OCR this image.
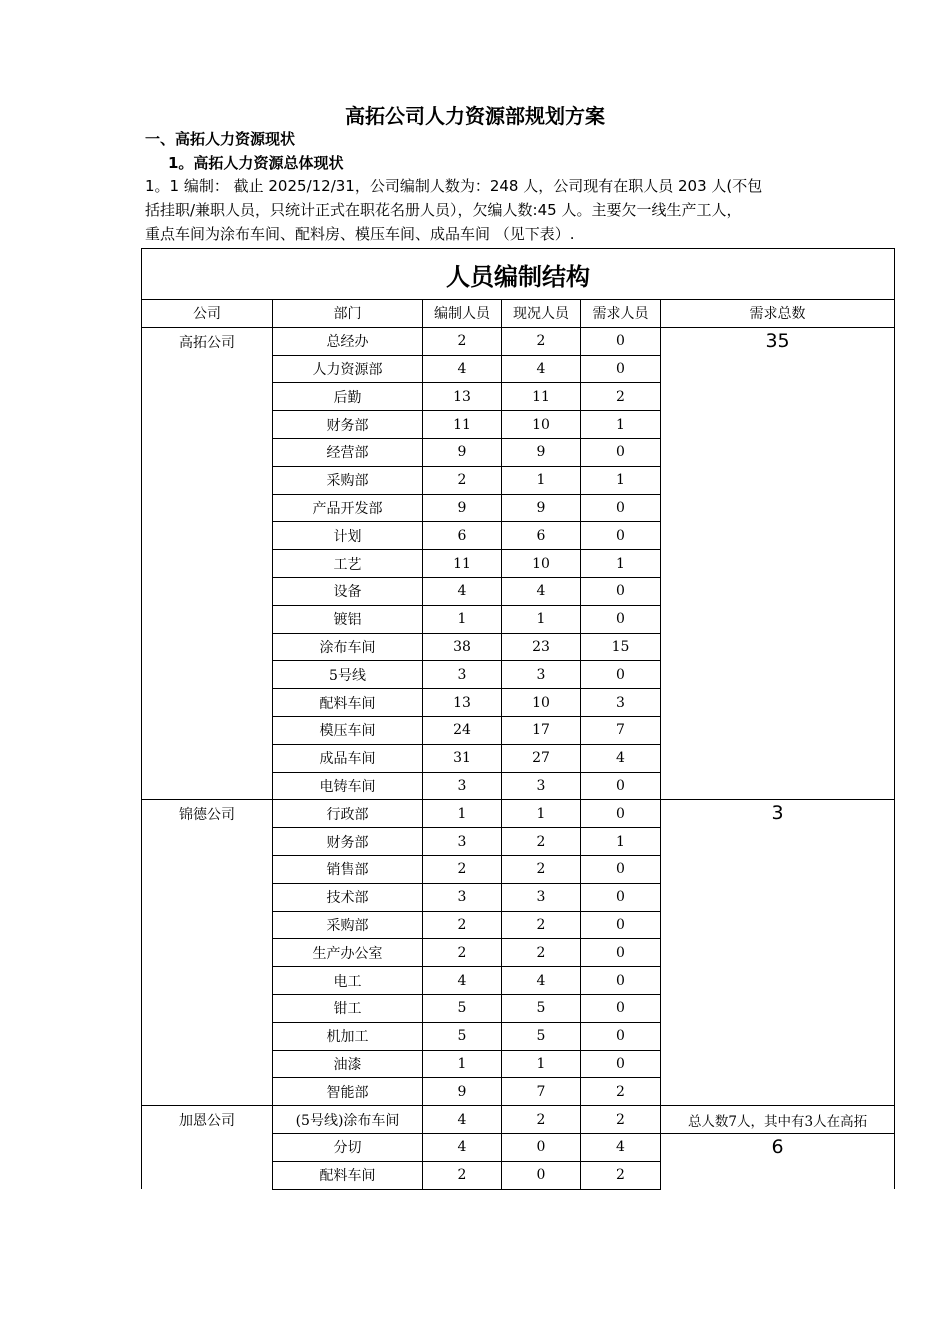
高拓公司人力资源部规划方案
一、高拓人力资源现状
1。高拓人力资源总体现状
1。1 编制： 截止 2025/12/31，公司编制人数为：248 人，公司现有在职人员 203 人(不包
括挂职/兼职人员，只统计正式在职花名册人员），欠编人数:45 人。主要欠一线生产工人，
重点车间为涂布车间、配料房、模压车间、成品车间 （见下表）.
人员编制结构					
公司	部门	编制人员	现况人员	需求人员	需求总数
高拓公司	总经办	2	2	0	35
	人力资源部	4	4	0	
	后勤	13	11	2	
	财务部	11	10	1	
	经营部	9	9	0	
	采购部	2	1	1	
	产品开发部	9	9	0	
	计划	6	6	0	
	工艺	11	10	1	
	设备	4	4	0	
	镀铝	1	1	0	
	涂布车间	38	23	15	
	5号线	3	3	0	
	配料车间	13	10	3	
	模压车间	24	17	7	
	成品车间	31	27	4	
	电铸车间	3	3	0	
锦德公司	行政部	1	1	0	3
	财务部	3	2	1	
	销售部	2	2	0	
	技术部	3	3	0	
	采购部	2	2	0	
	生产办公室	2	2	0	
	电工	4	4	0	
	钳工	5	5	0	
	机加工	5	5	0	
	油漆	1	1	0	
	智能部	9	7	2	
加恩公司	(5号线)涂布车间	4	2	2	总人数7人，其中有3人在高拓
	分切	4	0	4	6
	配料车间	2	0	2	
